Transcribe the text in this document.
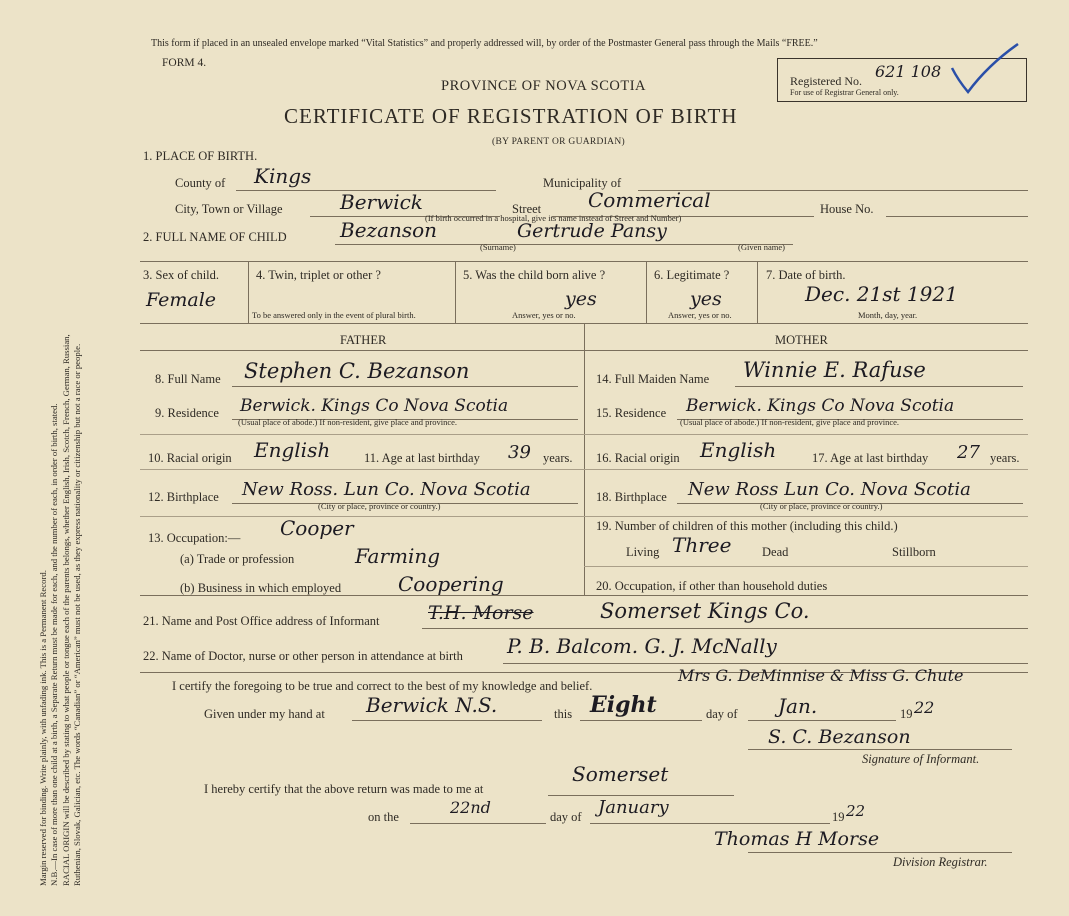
Margin reserved for binding. Write plainly, with unfading ink. This is a Permanent Record. N.B.—In case of more than one child at a birth, a Separate Return must be made for each, and the number of each, in order of birth, stated. RACIAL ORIGIN will be described by stating to what people or tongue each of the parents belongs, whether English, Irish, Scotch, French, German, Russian, Ruthenian, Slovak, Galician, etc. The words “Canadian” or “American” must not be used, as they express nationality or citizenship but not a race or people.
This form if placed in an unsealed envelope marked “Vital Statistics” and properly addressed will, by order of the Postmaster General pass through the Mails “FREE.”
FORM 4.
PROVINCE OF NOVA SCOTIA
CERTIFICATE OF REGISTRATION OF BIRTH
(BY PARENT OR GUARDIAN)
Registered No. 621 108
For use of Registrar General only.
1. PLACE OF BIRTH.
County of Kings	Municipality of
City, Town or Village	Berwick	Street Commerical	House No.
(If birth occurred in a hospital, give its name instead of Street and Number)
2. FULL NAME OF CHILD	Bezanson	Gertrude Pansy
(Surname)	(Given name)
3. Sex of child.
Female
4. Twin, triplet or other ?
To be answered only in the event of plural birth.
5. Was the child born alive ?
yes
Answer, yes or no.
6. Legitimate ?
yes
Answer, yes or no.
7. Date of birth.
Dec. 21st 1921
Month, day, year.
FATHER	MOTHER
8. Full Name Stephen C. Bezanson
9. Residence Berwick. Kings Co Nova Scotia
(Usual place of abode.) If non-resident, give place and province.
10. Racial origin English	11. Age at last birthday 39 years.
12. Birthplace New Ross. Lun Co. Nova Scotia
(City or place, province or country.)
13. Occupation:— Cooper
(a) Trade or profession	Farming
(b) Business in which employed	Coopering
14. Full Maiden Name Winnie E. Rafuse
15. Residence Berwick. Kings Co Nova Scotia
(Usual place of abode.) If non-resident, give place and province.
16. Racial origin English	17. Age at last birthday 27 years.
18. Birthplace New Ross Lun Co. Nova Scotia
(City or place, province or country.)
19. Number of children of this mother (including this child.)
Living Three Dead	Stillborn
20. Occupation, if other than household duties
21. Name and Post Office address of Informant	T.H. Morse	Somerset Kings Co.
22. Name of Doctor, nurse or other person in attendance at birth P. B. Balcom. G. J. McNally
I certify the foregoing to be true and correct to the best of my knowledge and belief.
Mrs G. DeMinnise & Miss G. Chute
Given under my hand at Berwick N.S.	this Eight	day of Jan.	19 22
S. C. Bezanson
Signature of Informant.
I hereby certify that the above return was made to me at
Somerset
on the	22nd	day of January	19 22
Thomas H Morse
Division Registrar.
